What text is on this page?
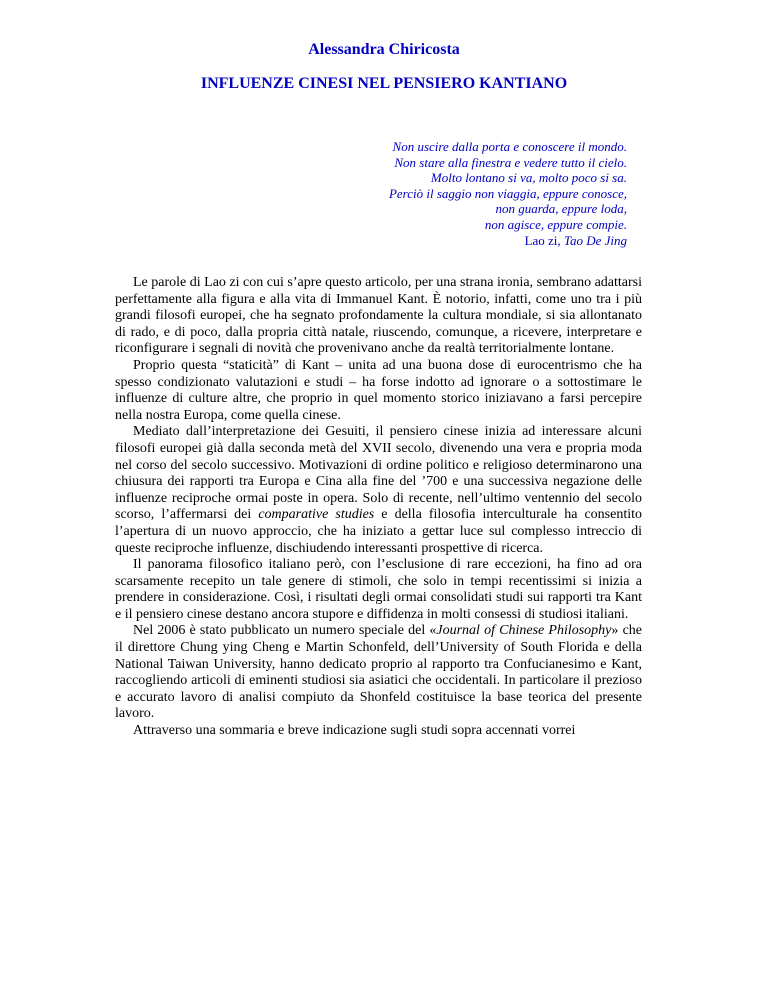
Alessandra Chiricosta
INFLUENZE CINESI NEL PENSIERO KANTIANO
Non uscire dalla porta e conoscere il mondo.
Non stare alla finestra e vedere tutto il cielo.
Molto lontano si va, molto poco si sa.
Perciò il saggio non viaggia, eppure conosce,
non guarda, eppure loda,
non agisce, eppure compie.
Lao zi, Tao De Jing

Le parole di Lao zi con cui s’apre questo articolo, per una strana ironia, sembrano adattarsi perfettamente alla figura e alla vita di Immanuel Kant. È notorio, infatti, come uno tra i più grandi filosofi europei, che ha segnato profondamente la cultura mondiale, si sia allontanato di rado, e di poco, dalla propria città natale, riuscendo, comunque, a ricevere, interpretare e riconfigurare i segnali di novità che provenivano anche da realtà territorialmente lontane.

Proprio questa “staticità” di Kant – unita ad una buona dose di eurocentrismo che ha spesso condizionato valutazioni e studi – ha forse indotto ad ignorare o a sottostimare le influenze di culture altre, che proprio in quel momento storico iniziavano a farsi percepire nella nostra Europa, come quella cinese.

Mediato dall’interpretazione dei Gesuiti, il pensiero cinese inizia ad interessare alcuni filosofi europei già dalla seconda metà del XVII secolo, divenendo una vera e propria moda nel corso del secolo successivo. Motivazioni di ordine politico e religioso determinarono una chiusura dei rapporti tra Europa e Cina alla fine del ’700 e una successiva negazione delle influenze reciproche ormai poste in opera. Solo di recente, nell’ultimo ventennio del secolo scorso, l’affermarsi dei comparative studies e della filosofia interculturale ha consentito l’apertura di un nuovo approccio, che ha iniziato a gettar luce sul complesso intreccio di queste reciproche influenze, dischiudendo interessanti prospettive di ricerca.

Il panorama filosofico italiano però, con l’esclusione di rare eccezioni, ha fino ad ora scarsamente recepito un tale genere di stimoli, che solo in tempi recentissimi si inizia a prendere in considerazione. Così, i risultati degli ormai consolidati studi sui rapporti tra Kant e il pensiero cinese destano ancora stupore e diffidenza in molti consessi di studiosi italiani.

Nel 2006 è stato pubblicato un numero speciale del «Journal of Chinese Philosophy» che il direttore Chung ying Cheng e Martin Schonfeld, dell’University of South Florida e della National Taiwan University, hanno dedicato proprio al rapporto tra Confucianesimo e Kant, raccogliendo articoli di eminenti studiosi sia asiatici che occidentali. In particolare il prezioso e accurato lavoro di analisi compiuto da Shonfeld costituisce la base teorica del presente lavoro.

Attraverso una sommaria e breve indicazione sugli studi sopra accennati vorrei
